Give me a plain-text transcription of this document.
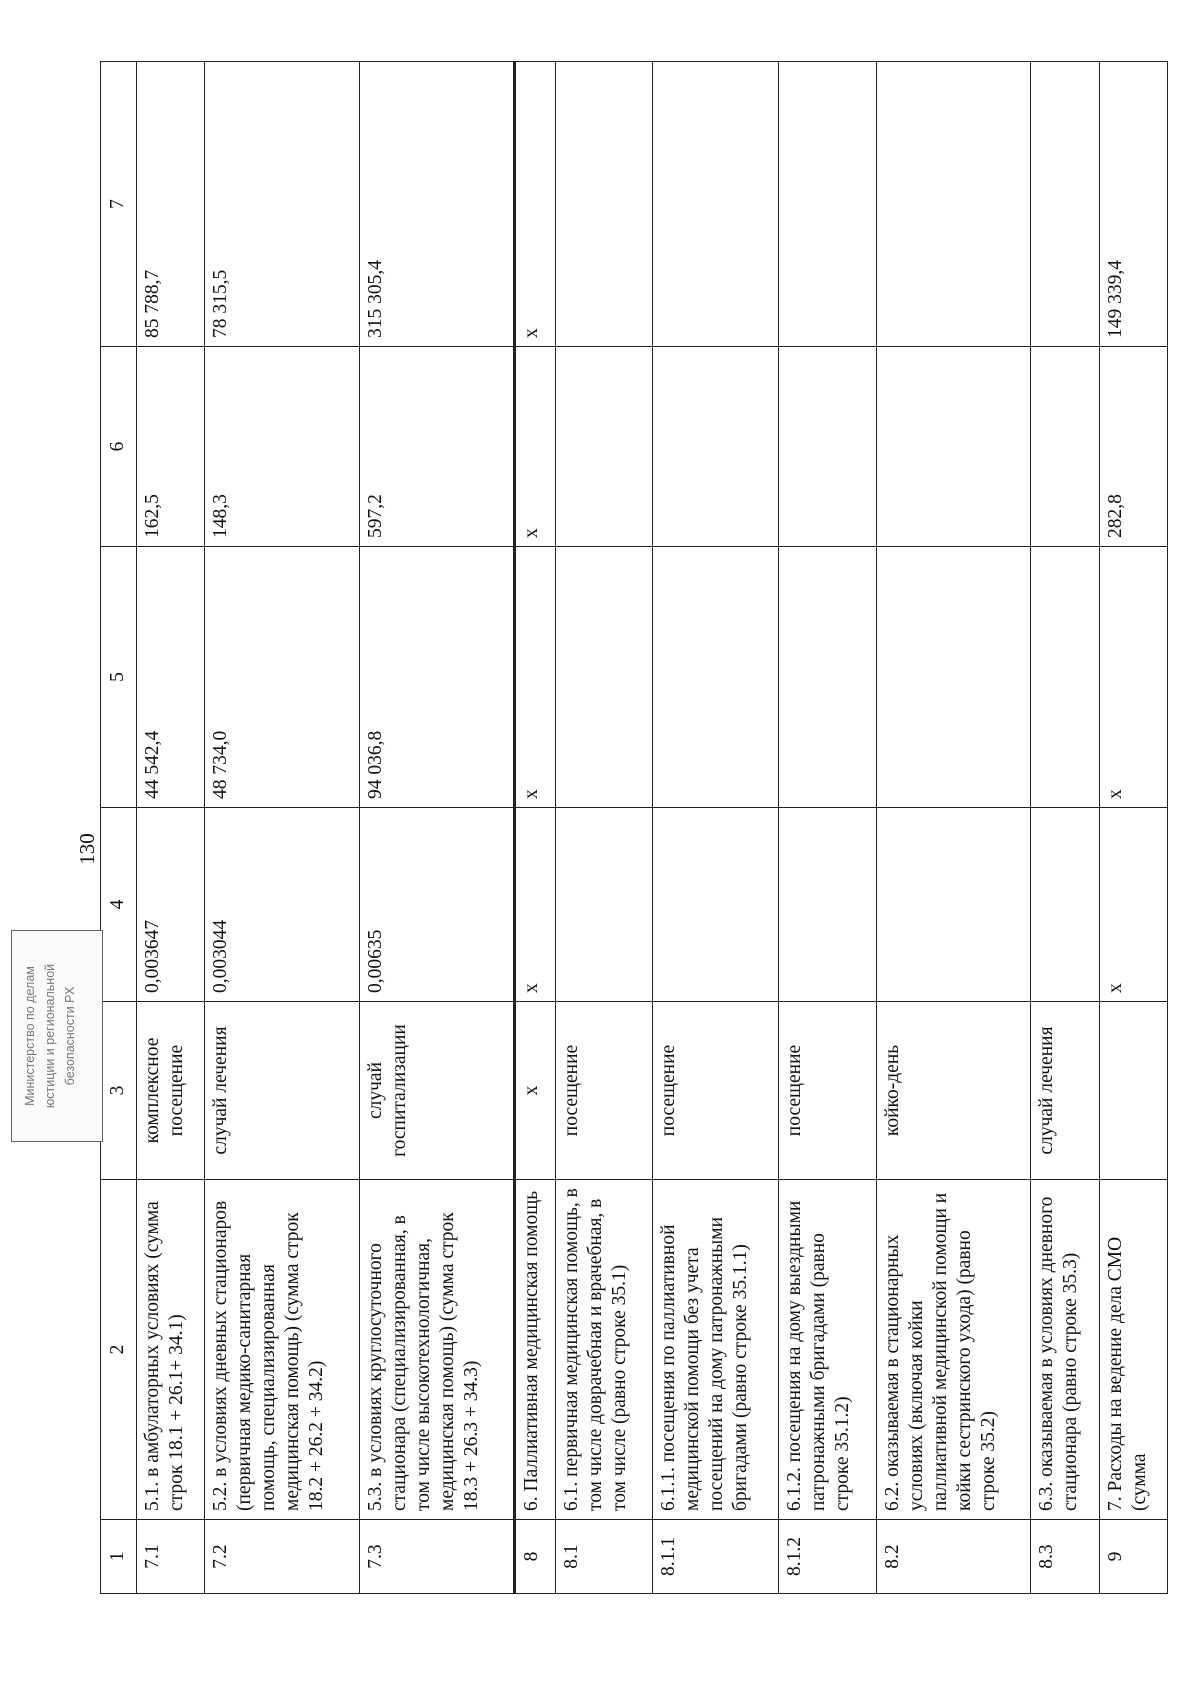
130
1	2	3	4	5	6	7
7.1	5.1. в амбулаторных условиях (сумма строк 18.1 + 26.1+ 34.1)	комплексное посещение	0,003647	44 542,4	162,5	85 788,7
7.2	5.2. в условиях дневных стационаров (первичная медико-санитарная помощь, специализированная медицинская помощь) (сумма строк 18.2 + 26.2 + 34.2)	случай лечения	0,003044	48 734,0	148,3	78 315,5
7.3	5.3. в условиях круглосуточного стационара (специализированная, в том числе высокотехнологичная, медицинская помощь) (сумма строк 18.3 + 26.3 + 34.3)	случай госпитализации	0,00635	94 036,8	597,2	315 305,4
8	6. Паллиативная медицинская помощь	х	х	х	х	х
8.1	6.1. первичная медицинская помощь, в том числе доврачебная и врачебная, в том числе (равно строке 35.1)	посещение				
8.1.1	6.1.1. посещения по паллиативной медицинской помощи без учета посещений на дому патронажными бригадами (равно строке 35.1.1)	посещение				
8.1.2	6.1.2. посещения на дому выездными патронажными бригадами (равно строке 35.1.2)	посещение				
8.2	6.2. оказываемая в стационарных условиях (включая койки паллиативной медицинской помощи и койки сестринского ухода) (равно строке 35.2)	койко-день				
8.3	6.3. оказываемая в условиях дневного стационара (равно строке 35.3)	случай лечения				
9	7. Расходы на ведение дела СМО (сумма		х	х	282,8	149 339,4
Министерство по делам юстиции и региональной безопасности РХ
